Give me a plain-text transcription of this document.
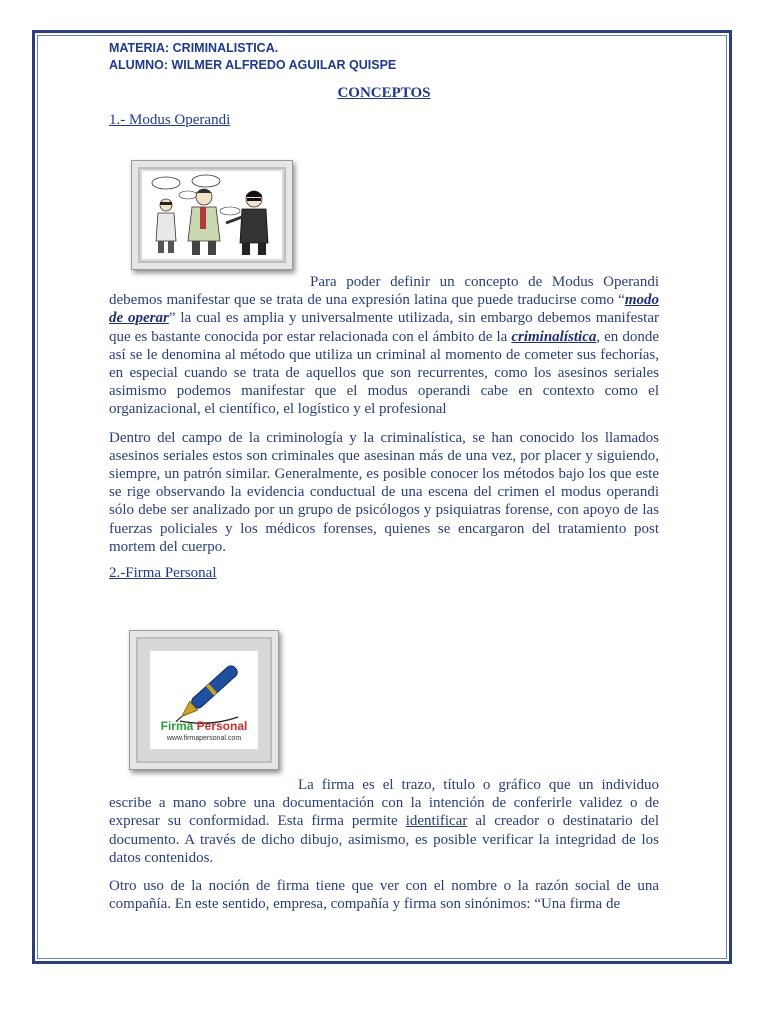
MATERIA: CRIMINALISTICA.
ALUMNO: WILMER ALFREDO AGUILAR QUISPE
CONCEPTOS
1.- Modus Operandi

Para poder definir un concepto de Modus Operandi debemos manifestar que se trata de una expresión latina que puede traducirse como “modo de operar” la cual es amplia y universalmente utilizada, sin embargo debemos manifestar que es bastante conocida por estar relacionada con el ámbito de la criminalística, en donde así se le denomina al método que utiliza un criminal al momento de cometer sus fechorías, en especial cuando se trata de aquellos que son recurrentes, como los asesinos seriales asimismo podemos manifestar que el modus operandi cabe en contexto como el organizacional, el científico, el logístico y el profesional

Dentro del campo de la criminología y la criminalística, se han conocido los llamados asesinos seriales estos son criminales que asesinan más de una vez, por placer y siguiendo, siempre, un patrón similar. Generalmente, es posible conocer los métodos bajo los que este se rige observando la evidencia conductual de una escena del crimen el modus operandi sólo debe ser analizado por un grupo de psicólogos y psiquiatras forense, con apoyo de las fuerzas policiales y los médicos forenses, quienes se encargaron del tratamiento post mortem del cuerpo.

2.-Firma Personal
Firma Personal
www.firmapersonal.com

La firma es el trazo, título o gráfico que un individuo escribe a mano sobre una documentación con la intención de conferirle validez o de expresar su conformidad. Esta firma permite identificar al creador o destinatario del documento. A través de dicho dibujo, asimismo, es posible verificar la integridad de los datos contenidos.

Otro uso de la noción de firma tiene que ver con el nombre o la razón social de una compañía. En este sentido, empresa, compañía y firma son sinónimos: “Una firma de
